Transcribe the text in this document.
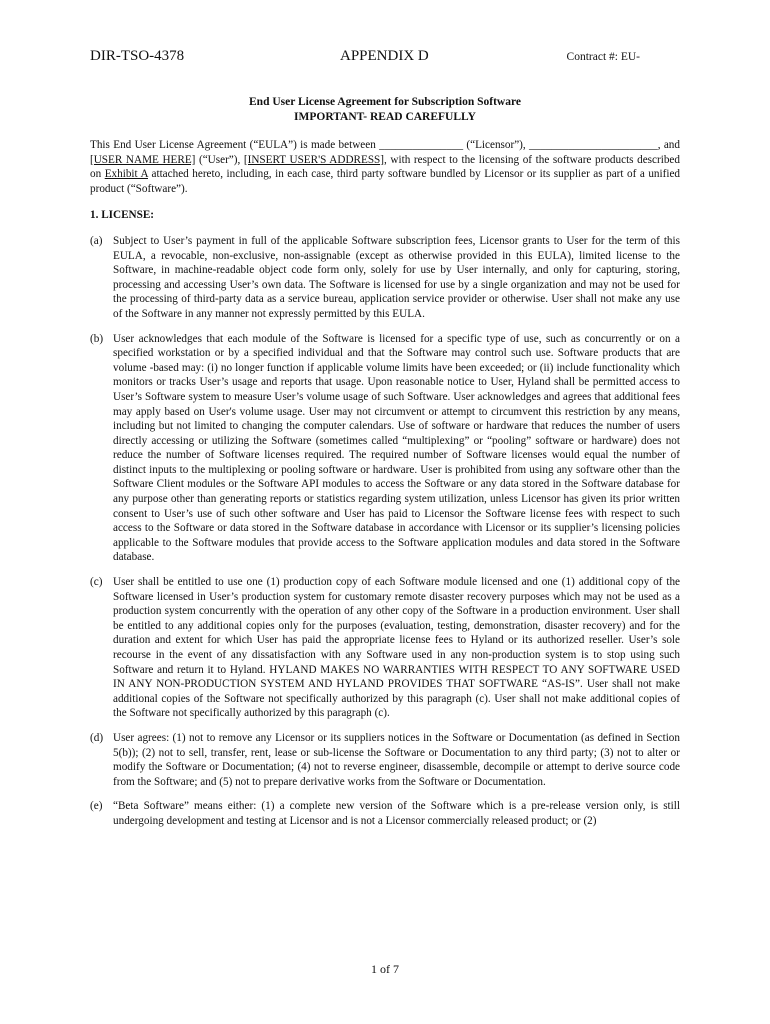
DIR-TSO-4378	APPENDIX D	Contract #: EU-
End User License Agreement for Subscription Software
IMPORTANT- READ CAREFULLY

This End User License Agreement (“EULA”) is made between _______________ (“Licensor”), _______________________, and [USER NAME HERE] (“User”), [INSERT USER'S ADDRESS], with respect to the licensing of the software products described on Exhibit A attached hereto, including, in each case, third party software bundled by Licensor or its supplier as part of a unified product (“Software”).

1. LICENSE:
(a) Subject to User’s payment in full of the applicable Software subscription fees, Licensor grants to User for the term of this EULA, a revocable, non-exclusive, non-assignable (except as otherwise provided in this EULA), limited license to the Software, in machine-readable object code form only, solely for use by User internally, and only for capturing, storing, processing and accessing User’s own data. The Software is licensed for use by a single organization and may not be used for the processing of third-party data as a service bureau, application service provider or otherwise. User shall not make any use of the Software in any manner not expressly permitted by this EULA.
(b) User acknowledges that each module of the Software is licensed for a specific type of use, such as concurrently or on a specified workstation or by a specified individual and that the Software may control such use. Software products that are volume -based may: (i) no longer function if applicable volume limits have been exceeded; or (ii) include functionality which monitors or tracks User’s usage and reports that usage. Upon reasonable notice to User, Hyland shall be permitted access to User’s Software system to measure User’s volume usage of such Software. User acknowledges and agrees that additional fees may apply based on User's volume usage. User may not circumvent or attempt to circumvent this restriction by any means, including but not limited to changing the computer calendars. Use of software or hardware that reduces the number of users directly accessing or utilizing the Software (sometimes called “multiplexing” or “pooling” software or hardware) does not reduce the number of Software licenses required. The required number of Software licenses would equal the number of distinct inputs to the multiplexing or pooling software or hardware. User is prohibited from using any software other than the Software Client modules or the Software API modules to access the Software or any data stored in the Software database for any purpose other than generating reports or statistics regarding system utilization, unless Licensor has given its prior written consent to User’s use of such other software and User has paid to Licensor the Software license fees with respect to such access to the Software or data stored in the Software database in accordance with Licensor or its supplier’s licensing policies applicable to the Software modules that provide access to the Software application modules and data stored in the Software database.
(c) User shall be entitled to use one (1) production copy of each Software module licensed and one (1) additional copy of the Software licensed in User’s production system for customary remote disaster recovery purposes which may not be used as a production system concurrently with the operation of any other copy of the Software in a production environment. User shall be entitled to any additional copies only for the purposes (evaluation, testing, demonstration, disaster recovery) and for the duration and extent for which User has paid the appropriate license fees to Hyland or its authorized reseller. User’s sole recourse in the event of any dissatisfaction with any Software used in any non-production system is to stop using such Software and return it to Hyland. HYLAND MAKES NO WARRANTIES WITH RESPECT TO ANY SOFTWARE USED IN ANY NON-PRODUCTION SYSTEM AND HYLAND PROVIDES THAT SOFTWARE “AS-IS”. User shall not make additional copies of the Software not specifically authorized by this paragraph (c). User shall not make additional copies of the Software not specifically authorized by this paragraph (c).
(d) User agrees: (1) not to remove any Licensor or its suppliers notices in the Software or Documentation (as defined in Section 5(b)); (2) not to sell, transfer, rent, lease or sub-license the Software or Documentation to any third party; (3) not to alter or modify the Software or Documentation; (4) not to reverse engineer, disassemble, decompile or attempt to derive source code from the Software; and (5) not to prepare derivative works from the Software or Documentation.
(e) “Beta Software” means either: (1) a complete new version of the Software which is a pre-release version only, is still undergoing development and testing at Licensor and is not a Licensor commercially released product; or (2)
1 of 7
